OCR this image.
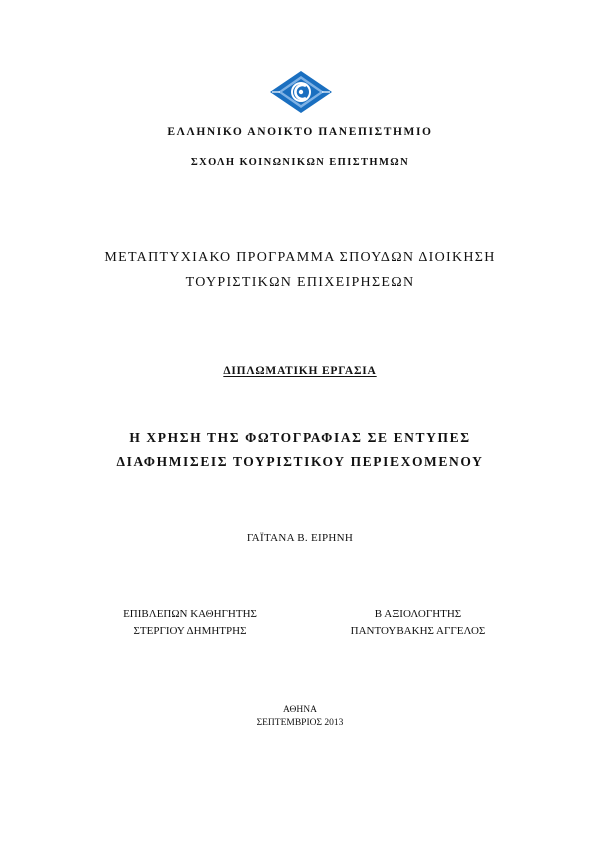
ΕΛΛΗΝΙΚΟ ΑΝΟΙΚΤΟ ΠΑΝΕΠΙΣΤΗΜΙΟ
ΣΧΟΛΗ ΚΟΙΝΩΝΙΚΩΝ ΕΠΙΣΤΗΜΩΝ
ΜΕΤΑΠΤΥΧΙΑΚΟ ΠΡΟΓΡΑΜΜΑ ΣΠΟΥΔΩΝ ΔΙΟΙΚΗΣΗ
ΤΟΥΡΙΣΤΙΚΩΝ ΕΠΙΧΕΙΡΗΣΕΩΝ
ΔΙΠΛΩΜΑΤΙΚΗ ΕΡΓΑΣΙΑ
Η ΧΡΗΣΗ ΤΗΣ ΦΩΤΟΓΡΑΦΙΑΣ ΣΕ ΕΝΤΥΠΕΣ
ΔΙΑΦΗΜΙΣΕΙΣ ΤΟΥΡΙΣΤΙΚΟΥ ΠΕΡΙΕΧΟΜΕΝΟΥ
ΓΑΪΤΑΝΑ Β. ΕΙΡΗΝΗ
ΕΠΙΒΛΕΠΩΝ ΚΑΘΗΓΗΤΗΣ
ΣΤΕΡΓΙΟΥ ΔΗΜΗΤΡΗΣ
Β ΑΞΙΟΛΟΓΗΤΗΣ
ΠΑΝΤΟΥΒΑΚΗΣ ΑΓΓΕΛΟΣ
ΑΘΗΝΑ
ΣΕΠΤΕΜΒΡΙΟΣ 2013
